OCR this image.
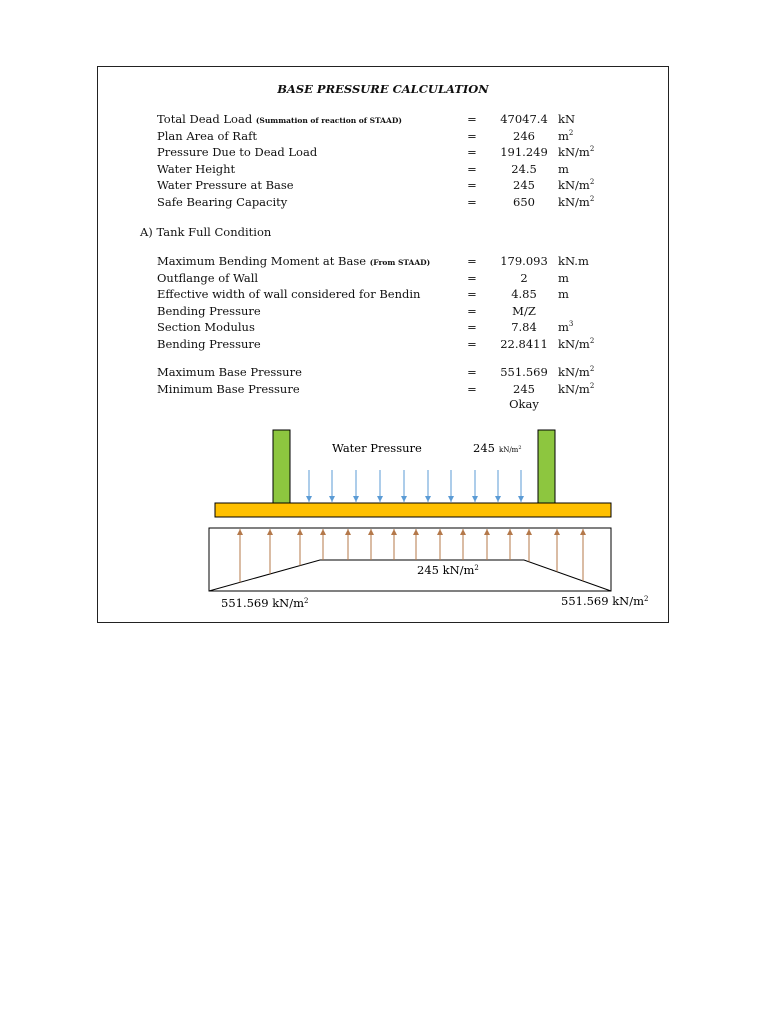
BASE PRESSURE CALCULATION
Total Dead Load (Summation of reaction of STAAD)	=	47047.4 kN
Plan Area of Raft	=	246	$m^2$
Pressure Due to Dead Load	=	191.249 $kN/m^2$
Water Height	=	24.5	m
Water Pressure at Base	=	245	$kN/m^2$
Safe Bearing Capacity	=	650	$kN/m^2$
A) Tank Full Condition
Maximum Bending Moment at Base (From STAAD)	=	179.093 kN.m
Outflange of Wall	=	2	m
Effective width of wall considered for Bendin	=	4.85	m
Bending Pressure	=	M/Z
Section Modulus	=	7.84	$m^3$
Bending Pressure	=	22.8411 $kN/m^2$
Maximum Base Pressure	=	551.569 $kN/m^2$
Minimum Base Pressure	=	245	$kN/m^2$
Okay
Water Pressure	245 $kN/m^2$
245 $kN/m^2$
551.569 $kN/m^2$	551.569 $kN/m^2$
